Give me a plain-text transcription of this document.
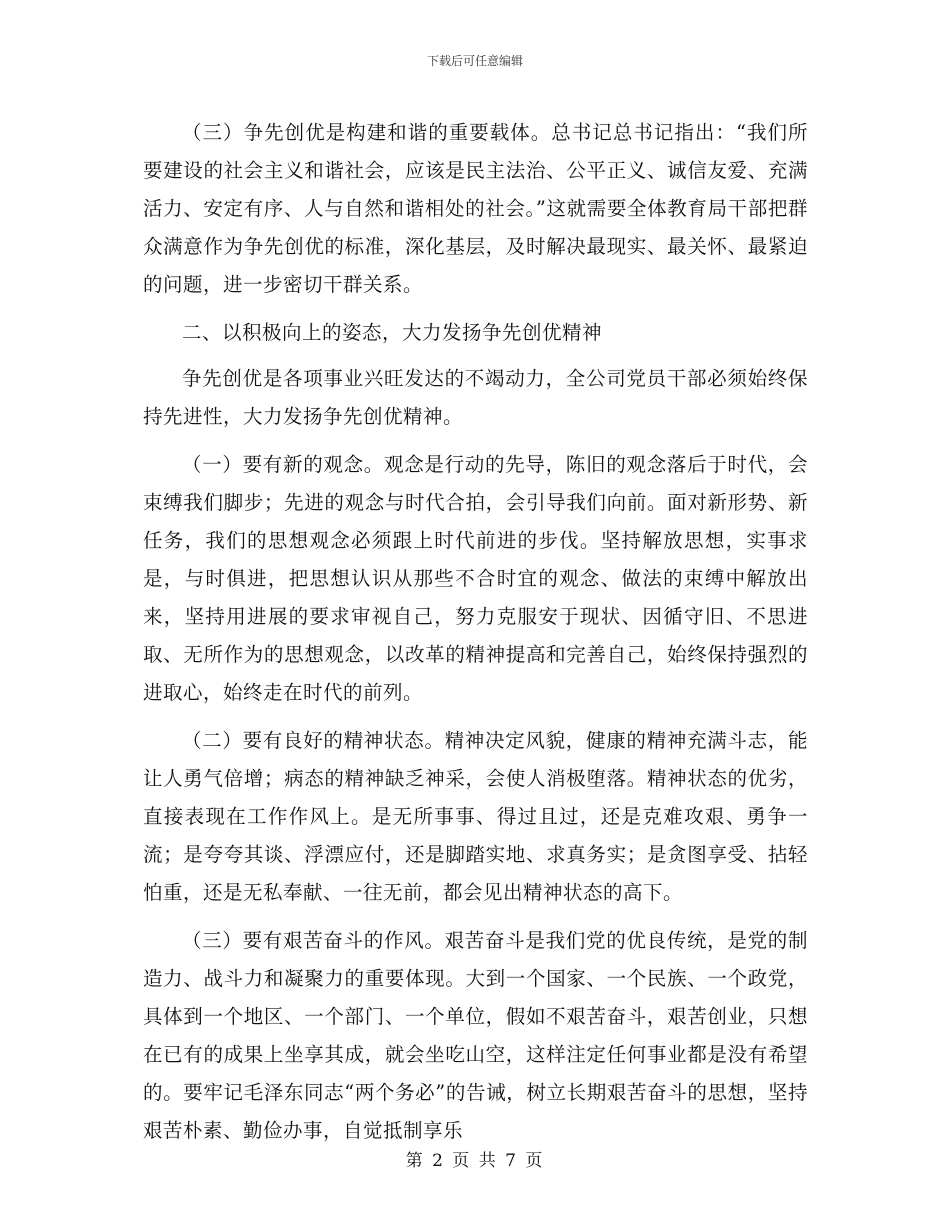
下载后可任意编辑

（三）争先创优是构建和谐的重要载体。总书记总书记指出：“我们所要建设的社会主义和谐社会，应该是民主法治、公平正义、诚信友爱、充满活力、安定有序、人与自然和谐相处的社会。”这就需要全体教育局干部把群众满意作为争先创优的标准，深化基层，及时解决最现实、最关怀、最紧迫的问题，进一步密切干群关系。

二、以积极向上的姿态，大力发扬争先创优精神

争先创优是各项事业兴旺发达的不竭动力，全公司党员干部必须始终保持先进性，大力发扬争先创优精神。

（一）要有新的观念。观念是行动的先导，陈旧的观念落后于时代，会束缚我们脚步；先进的观念与时代合拍，会引导我们向前。面对新形势、新任务，我们的思想观念必须跟上时代前进的步伐。坚持解放思想，实事求是，与时俱进，把思想认识从那些不合时宜的观念、做法的束缚中解放出来，坚持用进展的要求审视自己，努力克服安于现状、因循守旧、不思进取、无所作为的思想观念，以改革的精神提高和完善自己，始终保持强烈的进取心，始终走在时代的前列。

（二）要有良好的精神状态。精神决定风貌，健康的精神充满斗志，能让人勇气倍增；病态的精神缺乏神采，会使人消极堕落。精神状态的优劣，直接表现在工作作风上。是无所事事、得过且过，还是克难攻艰、勇争一流；是夸夸其谈、浮漂应付，还是脚踏实地、求真务实；是贪图享受、拈轻怕重，还是无私奉献、一往无前，都会见出精神状态的高下。

（三）要有艰苦奋斗的作风。艰苦奋斗是我们党的优良传统，是党的制造力、战斗力和凝聚力的重要体现。大到一个国家、一个民族、一个政党，具体到一个地区、一个部门、一个单位，假如不艰苦奋斗，艰苦创业，只想在已有的成果上坐享其成，就会坐吃山空，这样注定任何事业都是没有希望的。要牢记毛泽东同志“两个务必”的告诫，树立长期艰苦奋斗的思想，坚持艰苦朴素、勤俭办事，自觉抵制享乐

第 2 页 共 7 页
